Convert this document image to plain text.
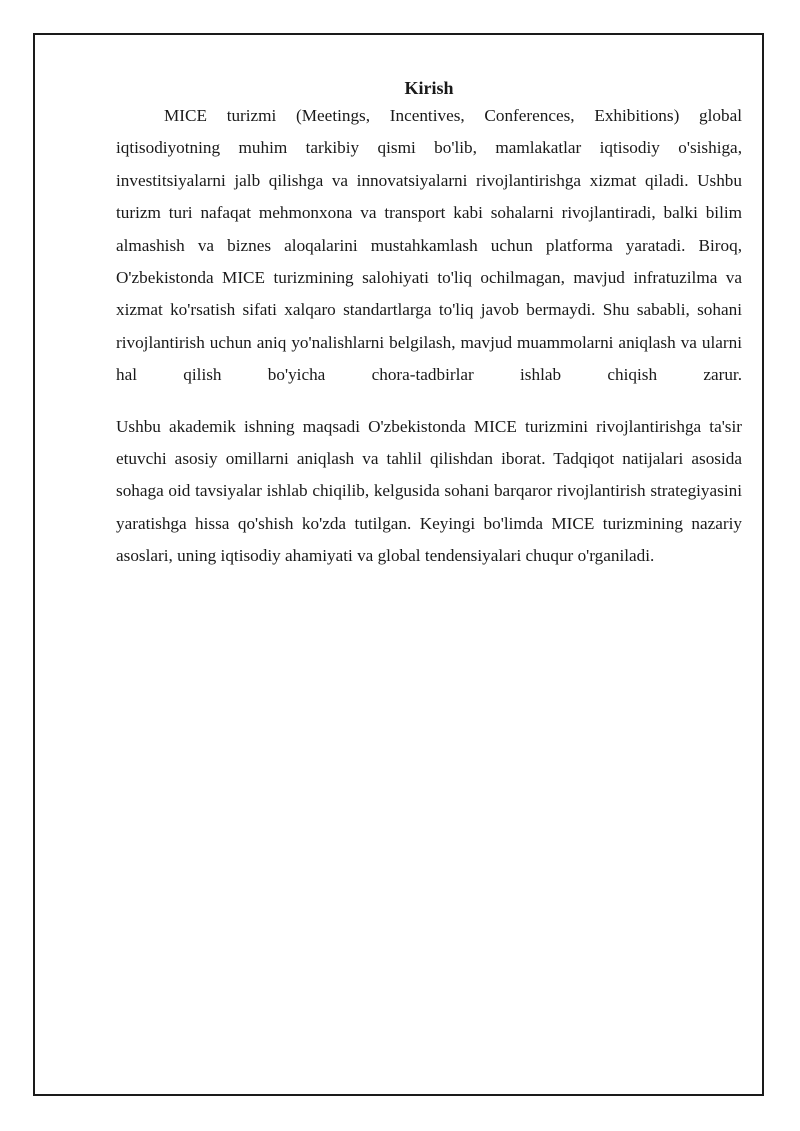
Kirish

MICE turizmi (Meetings, Incentives, Conferences, Exhibitions) global iqtisodiyotning muhim tarkibiy qismi bo'lib, mamlakatlar iqtisodiy o'sishiga, investitsiyalarni jalb qilishga va innovatsiyalarni rivojlantirishga xizmat qiladi. Ushbu turizm turi nafaqat mehmonxona va transport kabi sohalarni rivojlantiradi, balki bilim almashish va biznes aloqalarini mustahkamlash uchun platforma yaratadi. Biroq, O'zbekistonda MICE turizmining salohiyati to'liq ochilmagan, mavjud infratuzilma va xizmat ko'rsatish sifati xalqaro standartlarga to'liq javob bermaydi. Shu sababli, sohani rivojlantirish uchun aniq yo'nalishlarni belgilash, mavjud muammolarni aniqlash va ularni hal qilish bo'yicha chora-tadbirlar ishlab chiqish zarur.

Ushbu akademik ishning maqsadi O'zbekistonda MICE turizmini rivojlantirishga ta'sir etuvchi asosiy omillarni aniqlash va tahlil qilishdan iborat. Tadqiqot natijalari asosida sohaga oid tavsiyalar ishlab chiqilib, kelgusida sohani barqaror rivojlantirish strategiyasini yaratishga hissa qo'shish ko'zda tutilgan. Keyingi bo'limda MICE turizmining nazariy asoslari, uning iqtisodiy ahamiyati va global tendensiyalari chuqur o'rganiladi.
